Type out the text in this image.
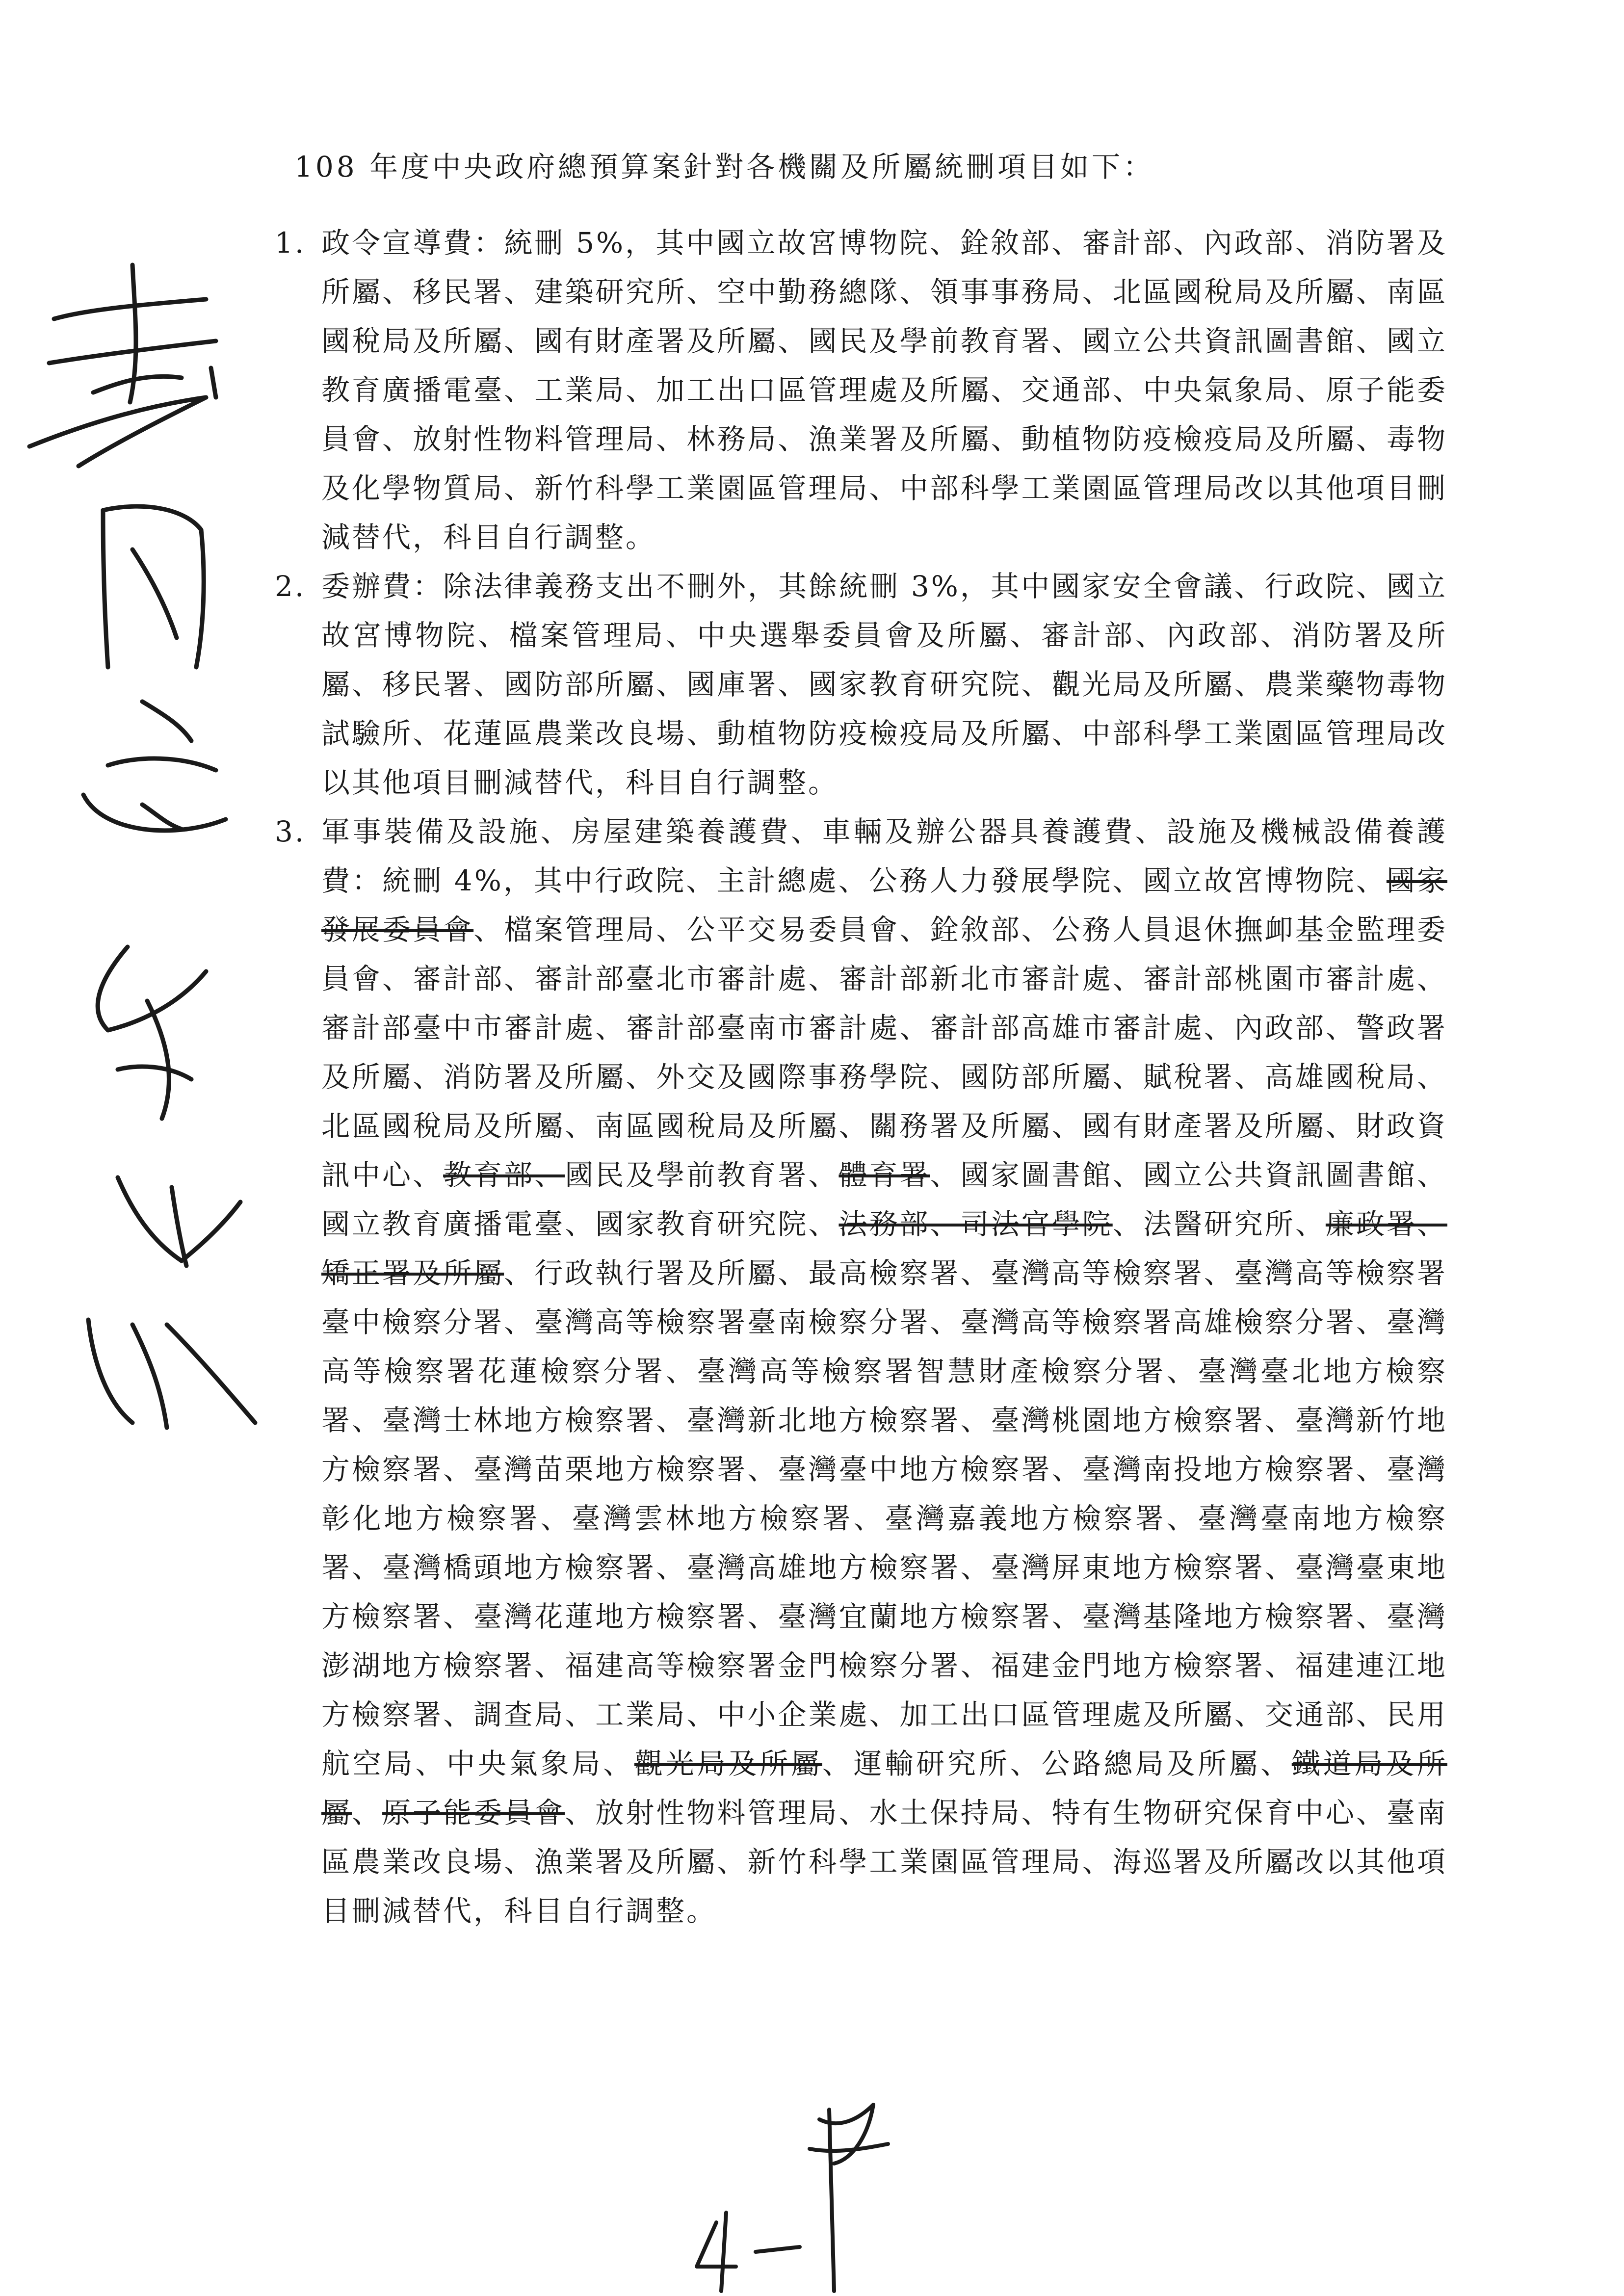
108 年度中央政府總預算案針對各機關及所屬統刪項目如下：

1. 政令宣導費：統刪 5%，其中國立故宮博物院、銓敘部、審計部、內政部、消防署及所屬、移民署、建築研究所、空中勤務總隊、領事事務局、北區國稅局及所屬、南區國稅局及所屬、國有財產署及所屬、國民及學前教育署、國立公共資訊圖書館、國立教育廣播電臺、工業局、加工出口區管理處及所屬、交通部、中央氣象局、原子能委員會、放射性物料管理局、林務局、漁業署及所屬、動植物防疫檢疫局及所屬、毒物及化學物質局、新竹科學工業園區管理局、中部科學工業園區管理局改以其他項目刪減替代，科目自行調整。

2. 委辦費：除法律義務支出不刪外，其餘統刪 3%，其中國家安全會議、行政院、國立故宮博物院、檔案管理局、中央選舉委員會及所屬、審計部、內政部、消防署及所屬、移民署、國防部所屬、國庫署、國家教育研究院、觀光局及所屬、農業藥物毒物試驗所、花蓮區農業改良場、動植物防疫檢疫局及所屬、中部科學工業園區管理局改以其他項目刪減替代，科目自行調整。

3. 軍事裝備及設施、房屋建築養護費、車輛及辦公器具養護費、設施及機械設備養護費：統刪 4%，其中行政院、主計總處、公務人力發展學院、國立故宮博物院、國家發展委員會、檔案管理局、公平交易委員會、銓敘部、公務人員退休撫卹基金監理委員會、審計部、審計部臺北市審計處、審計部新北市審計處、審計部桃園市審計處、審計部臺中市審計處、審計部臺南市審計處、審計部高雄市審計處、內政部、警政署及所屬、消防署及所屬、外交及國際事務學院、國防部所屬、賦稅署、高雄國稅局、北區國稅局及所屬、南區國稅局及所屬、關務署及所屬、國有財產署及所屬、財政資訊中心、教育部、國民及學前教育署、體育署、國家圖書館、國立公共資訊圖書館、國立教育廣播電臺、國家教育研究院、法務部、司法官學院、法醫研究所、廉政署、矯正署及所屬、行政執行署及所屬、最高檢察署、臺灣高等檢察署、臺灣高等檢察署臺中檢察分署、臺灣高等檢察署臺南檢察分署、臺灣高等檢察署高雄檢察分署、臺灣高等檢察署花蓮檢察分署、臺灣高等檢察署智慧財產檢察分署、臺灣臺北地方檢察署、臺灣士林地方檢察署、臺灣新北地方檢察署、臺灣桃園地方檢察署、臺灣新竹地方檢察署、臺灣苗栗地方檢察署、臺灣臺中地方檢察署、臺灣南投地方檢察署、臺灣彰化地方檢察署、臺灣雲林地方檢察署、臺灣嘉義地方檢察署、臺灣臺南地方檢察署、臺灣橋頭地方檢察署、臺灣高雄地方檢察署、臺灣屏東地方檢察署、臺灣臺東地方檢察署、臺灣花蓮地方檢察署、臺灣宜蘭地方檢察署、臺灣基隆地方檢察署、臺灣澎湖地方檢察署、福建高等檢察署金門檢察分署、福建金門地方檢察署、福建連江地方檢察署、調查局、工業局、中小企業處、加工出口區管理處及所屬、交通部、民用航空局、中央氣象局、觀光局及所屬、運輸研究所、公路總局及所屬、鐵道局及所屬、原子能委員會、放射性物料管理局、水土保持局、特有生物研究保育中心、臺南區農業改良場、漁業署及所屬、新竹科學工業園區管理局、海巡署及所屬改以其他項目刪減替代，科目自行調整。
